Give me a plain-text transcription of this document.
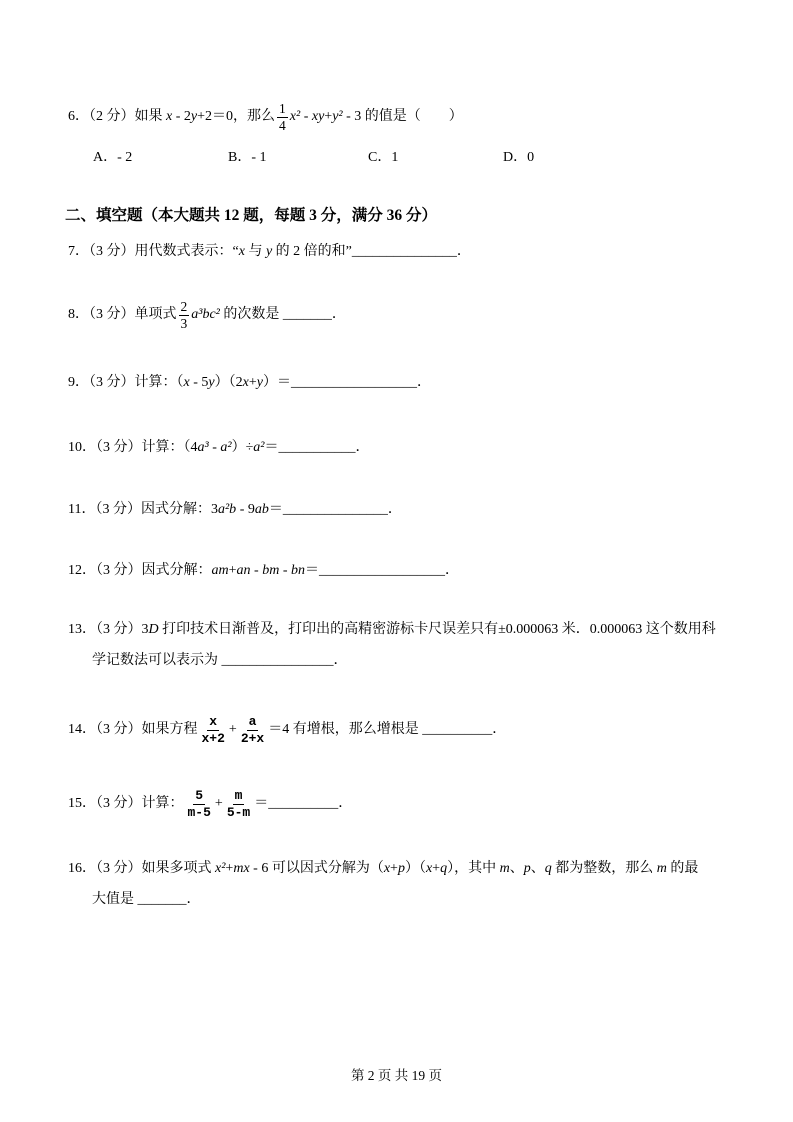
6．（2 分）如果 x - 2 y +2＝0，那么 $\frac{1}{4} x^2$ - xy + y² - 3 的值是（　　）
A．- 2	B．- 1	C．1	D．0
二、填空题（本大题共 12 题，每题 3 分，满分 36 分）
7．（3 分）用代数式表示：“ x 与 y 的 2 倍的和” _______________ ．
8．（3 分）单项式 $\frac{2}{3} a^3bc^2$ 的次数是 _______ ．
9．（3 分）计算：（ x - 5 y ）（2 x + y ）＝ __________________ ．
10．（3 分）计算：（4 a³ - a² ）÷ a² ＝ ___________ ．
11．（3 分）因式分解：3 a²b - 9 ab ＝ _______________ ．
12．（3 分）因式分解： am + an - bm - bn ＝ __________________ ．
13．（3 分）3 D 打印技术日渐普及，打印出的高精密游标卡尺误差只有±0.000063 米．0.000063 这个数用科
学记数法可以表示为 ________________ ．
14．（3 分）如果方程 $\frac{x}{x+2} + \frac{a}{2+x} =4$ 有增根，那么增根是 __________ ．
15．（3 分）计算： $\frac{5}{m-5} + \frac{m}{5-m}$ ＝ __________ ．
16．（3 分）如果多项式 x² + mx - 6 可以因式分解为（ x + p ）（ x + q ），其中 m 、 p 、 q 都为整数，那么 m 的最
大值是 _______ ．
第 2 页 共 19 页
